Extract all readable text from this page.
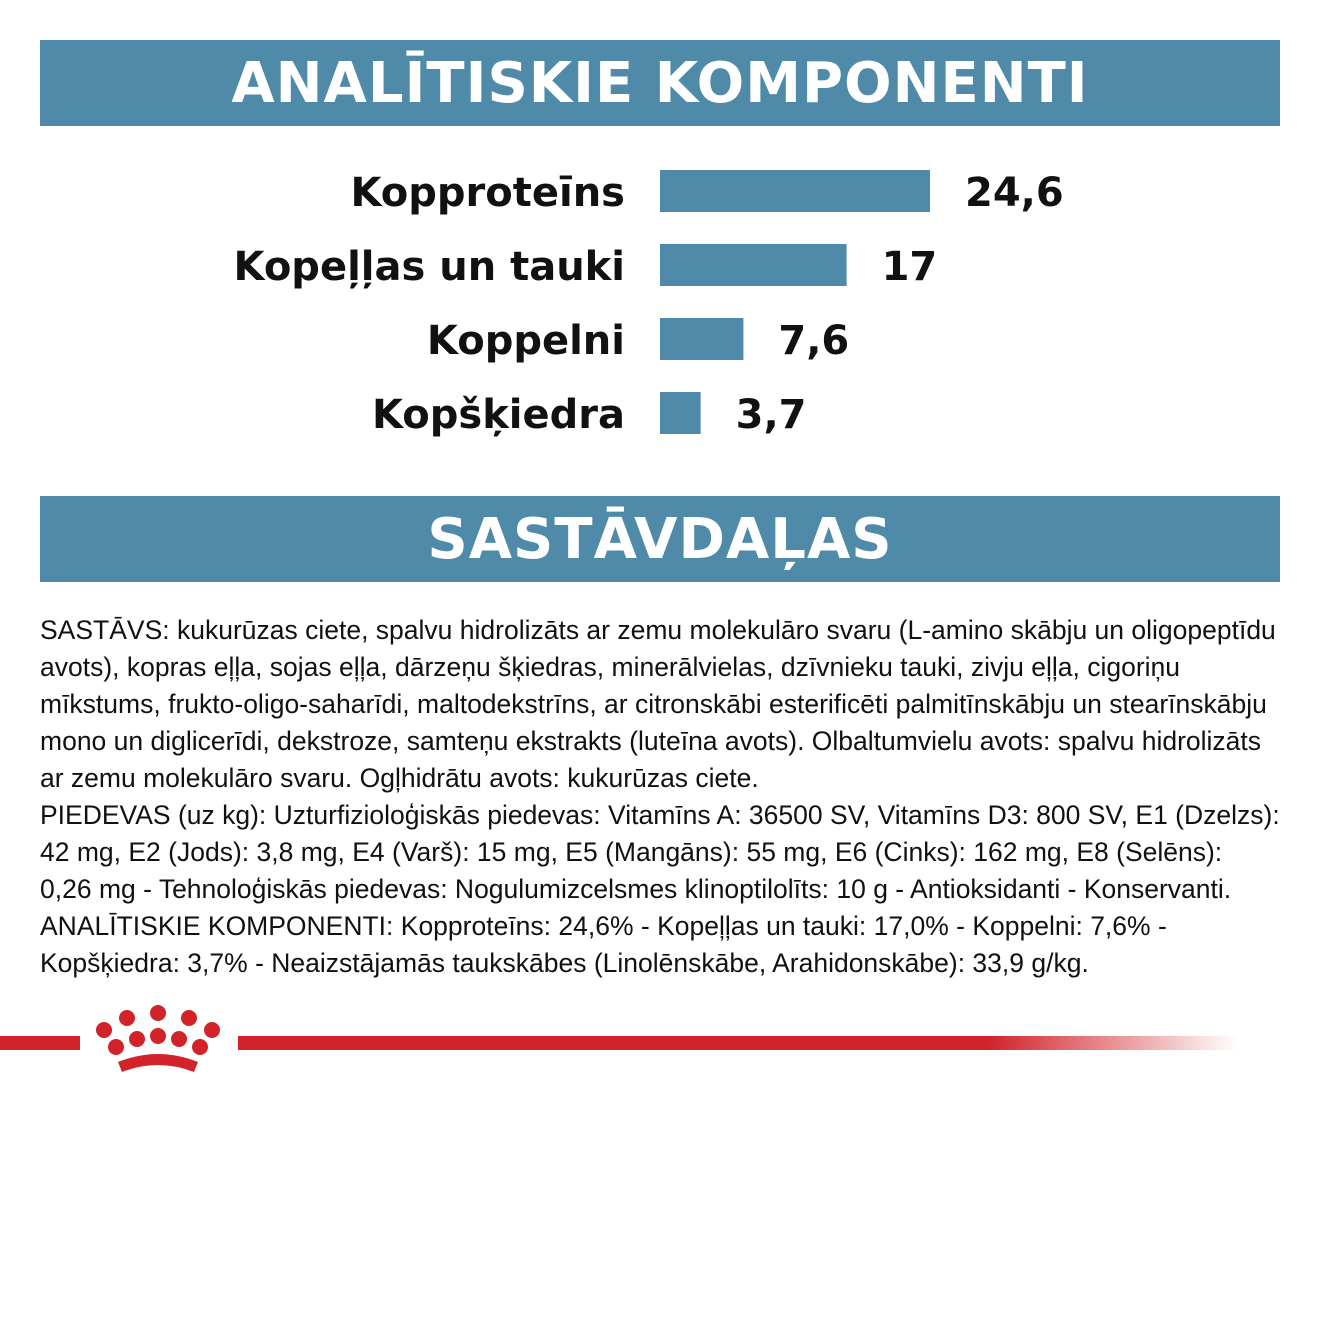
ANALĪTISKIE KOMPONENTI
Kopproteīns	24,6
Kopeļļas un tauki	17
Koppelni	7,6
Kopšķiedra	3,7
SASTĀVDAĻAS

SASTĀVS: kukurūzas ciete, spalvu hidrolizāts ar zemu molekulāro svaru (L-amino skābju un oligopeptīdu avots), kopras eļļa, sojas eļļa, dārzeņu šķiedras, minerālvielas, dzīvnieku tauki, zivju eļļa, cigoriņu mīkstums, frukto-oligo-saharīdi, maltodekstrīns, ar citronskābi esterificēti palmitīnskābju un stearīnskābju mono un diglicerīdi, dekstroze, samteņu ekstrakts (luteīna avots). Olbaltumvielu avots: spalvu hidrolizāts ar zemu molekulāro svaru. Ogļhidrātu avots: kukurūzas ciete.

PIEDEVAS (uz kg): Uzturfizioloģiskās piedevas: Vitamīns A: 36500 SV, Vitamīns D3: 800 SV, E1 (Dzelzs): 42 mg, E2 (Jods): 3,8 mg, E4 (Varš): 15 mg, E5 (Mangāns): 55 mg, E6 (Cinks): 162 mg, E8 (Selēns): 0,26 mg - Tehnoloģiskās piedevas: Nogulumizcelsmes klinoptilolīts: 10 g - Antioksidanti - Konservanti.

ANALĪTISKIE KOMPONENTI: Kopproteīns: 24,6% - Kopeļļas un tauki: 17,0% - Koppelni: 7,6% - Kopšķiedra: 3,7% - Neaizstājamās taukskābes (Linolēnskābe, Arahidonskābe): 33,9 g/kg.
